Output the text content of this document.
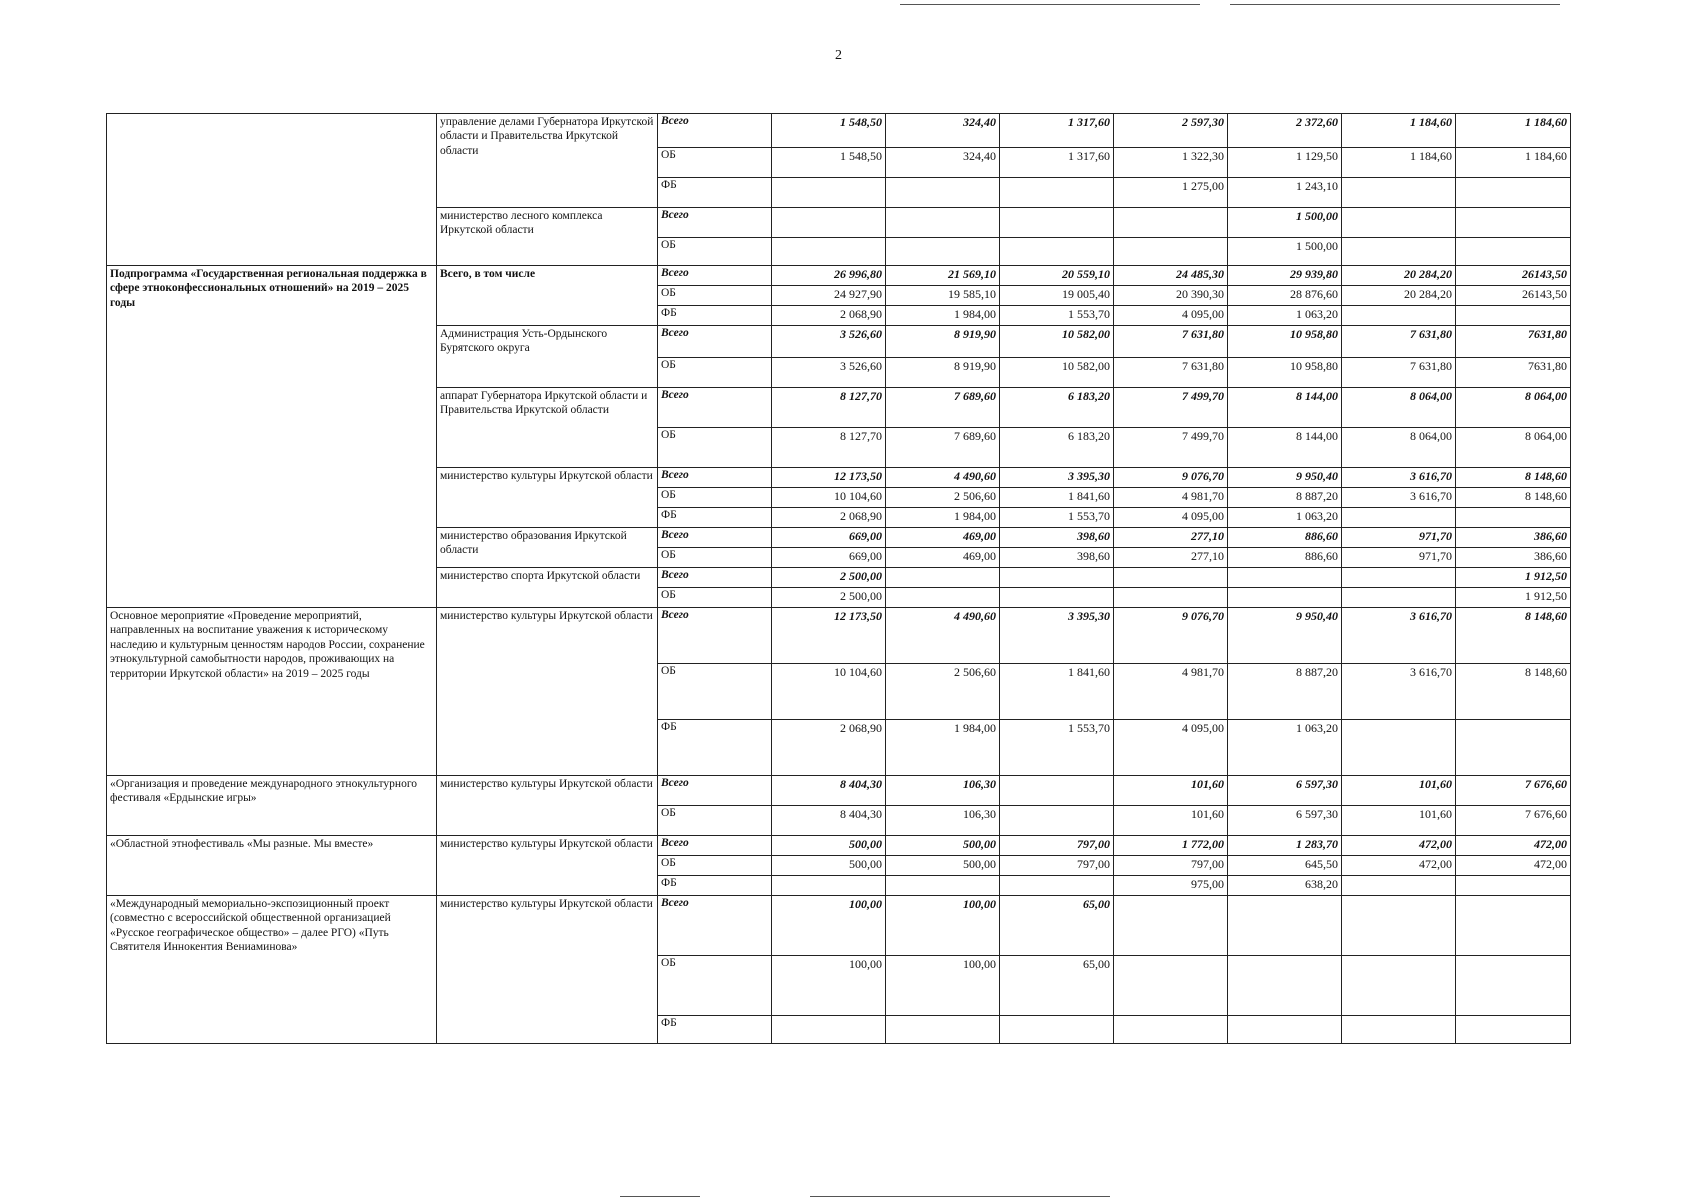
2
	управление делами Губернатора Иркутской области и Правительства Иркутской области	Всего	1 548,50	324,40	1 317,60	2 597,30	2 372,60	1 184,60	1 184,60
		ОБ	1 548,50	324,40	1 317,60	1 322,30	1 129,50	1 184,60	1 184,60
		ФБ				1 275,00	1 243,10		
	министерство лесного комплекса Иркутской области	Всего					1 500,00		
		ОБ					1 500,00		
Подпрограмма «Государственная региональная поддержка в сфере этноконфессиональных отношений» на 2019 – 2025 годы	Всего, в том числе	Всего	26 996,80	21 569,10	20 559,10	24 485,30	29 939,80	20 284,20	26143,50
		ОБ	24 927,90	19 585,10	19 005,40	20 390,30	28 876,60	20 284,20	26143,50
		ФБ	2 068,90	1 984,00	1 553,70	4 095,00	1 063,20		
	Администрация Усть-Ордынского Бурятского округа	Всего	3 526,60	8 919,90	10 582,00	7 631,80	10 958,80	7 631,80	7631,80
		ОБ	3 526,60	8 919,90	10 582,00	7 631,80	10 958,80	7 631,80	7631,80
	аппарат Губернатора Иркутской области и Правительства Иркутской области	Всего	8 127,70	7 689,60	6 183,20	7 499,70	8 144,00	8 064,00	8 064,00
		ОБ	8 127,70	7 689,60	6 183,20	7 499,70	8 144,00	8 064,00	8 064,00
	министерство культуры Иркутской области	Всего	12 173,50	4 490,60	3 395,30	9 076,70	9 950,40	3 616,70	8 148,60
		ОБ	10 104,60	2 506,60	1 841,60	4 981,70	8 887,20	3 616,70	8 148,60
		ФБ	2 068,90	1 984,00	1 553,70	4 095,00	1 063,20		
	министерство образования Иркутской области	Всего	669,00	469,00	398,60	277,10	886,60	971,70	386,60
		ОБ	669,00	469,00	398,60	277,10	886,60	971,70	386,60
	министерство спорта Иркутской области	Всего	2 500,00						1 912,50
		ОБ	2 500,00						1 912,50
Основное мероприятие «Проведение мероприятий, направленных на воспитание уважения к историческому наследию и культурным ценностям народов России, сохранение этнокультурной самобытности народов, проживающих на территории Иркутской области» на 2019 – 2025 годы	министерство культуры Иркутской области	Всего	12 173,50	4 490,60	3 395,30	9 076,70	9 950,40	3 616,70	8 148,60
		ОБ	10 104,60	2 506,60	1 841,60	4 981,70	8 887,20	3 616,70	8 148,60
		ФБ	2 068,90	1 984,00	1 553,70	4 095,00	1 063,20		
«Организация и проведение международного этнокультурного фестиваля «Ердынские игры»	министерство культуры Иркутской области	Всего	8 404,30	106,30		101,60	6 597,30	101,60	7 676,60
		ОБ	8 404,30	106,30		101,60	6 597,30	101,60	7 676,60
«Областной этнофестиваль «Мы разные. Мы вместе»	министерство культуры Иркутской области	Всего	500,00	500,00	797,00	1 772,00	1 283,70	472,00	472,00
		ОБ	500,00	500,00	797,00	797,00	645,50	472,00	472,00
		ФБ				975,00	638,20		
«Международный мемориально-экспозиционный проект (совместно с всероссийской общественной организацией «Русское географическое общество» – далее РГО) «Путь Святителя Иннокентия Вениаминова»	министерство культуры Иркутской области	Всего	100,00	100,00	65,00				
		ОБ	100,00	100,00	65,00				
		ФБ							
